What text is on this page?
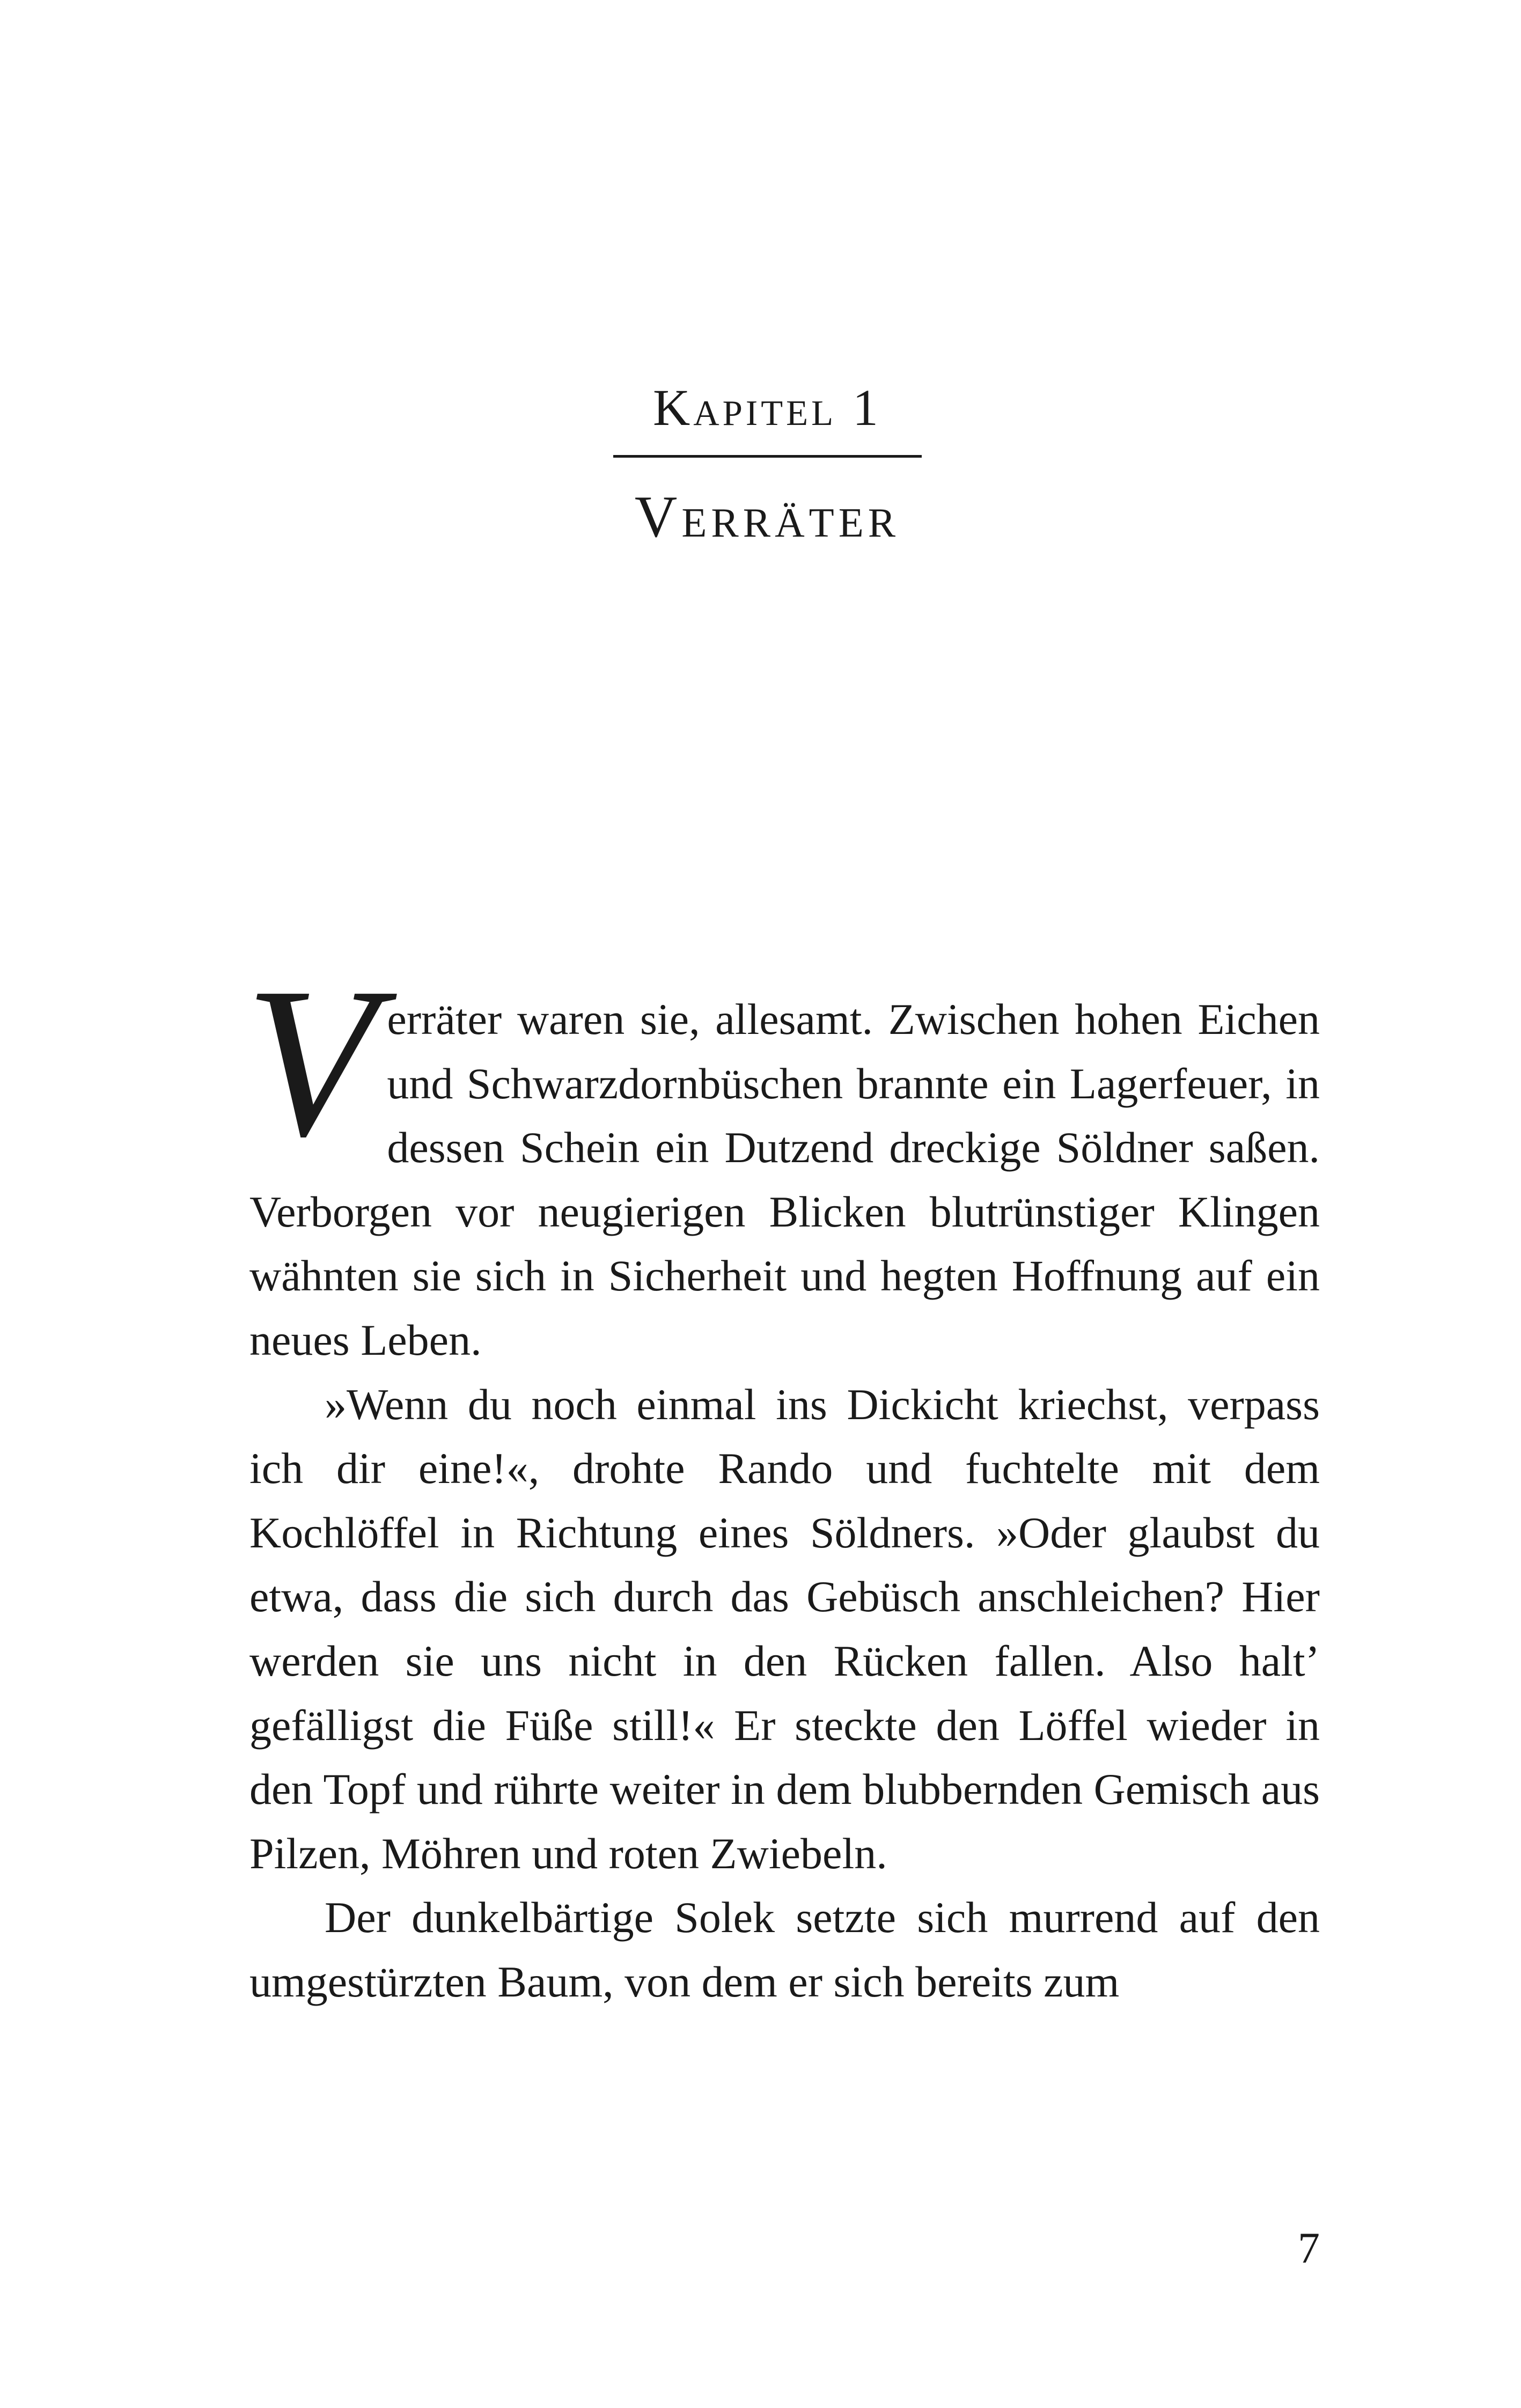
Kapitel 1
Verräter

Verräter waren sie, allesamt. Zwischen hohen Eichen und Schwarzdornbüschen brannte ein Lagerfeuer, in dessen Schein ein Dutzend dreckige Söldner saßen. Verborgen vor neugierigen Blicken blutrünstiger Klingen wähnten sie sich in Sicherheit und hegten Hoffnung auf ein neues Leben.

»Wenn du noch einmal ins Dickicht kriechst, verpass ich dir eine!«, drohte Rando und fuchtelte mit dem Kochlöffel in Richtung eines Söldners. »Oder glaubst du etwa, dass die sich durch das Gebüsch anschleichen? Hier werden sie uns nicht in den Rücken fallen. Also halt’ gefälligst die Füße still!« Er steckte den Löffel wieder in den Topf und rührte weiter in dem blubbernden Gemisch aus Pilzen, Möhren und roten Zwiebeln.

Der dunkelbärtige Solek setzte sich murrend auf den umgestürzten Baum, von dem er sich bereits zum

7
